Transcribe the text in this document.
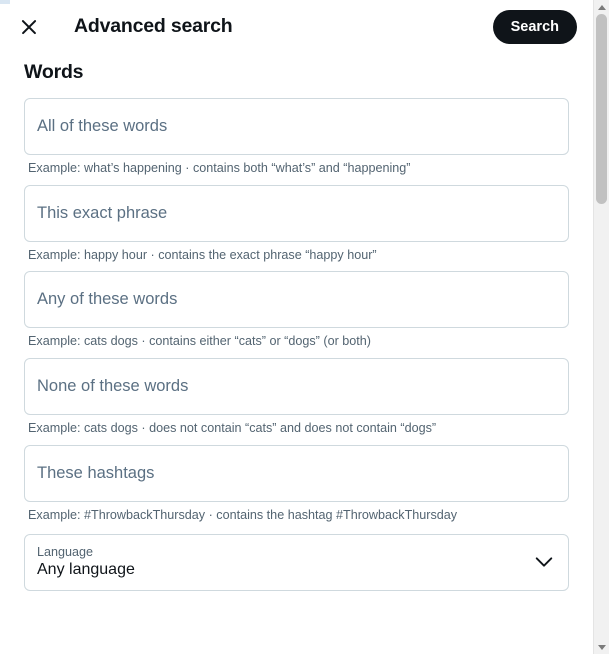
Advanced search	Search
Words
All of these words
Example: what’s happening · contains both “what’s” and “happening”
This exact phrase
Example: happy hour · contains the exact phrase “happy hour”
Any of these words
Example: cats dogs · contains either “cats” or “dogs” (or both)
None of these words
Example: cats dogs · does not contain “cats” and does not contain “dogs”
These hashtags
Example: #ThrowbackThursday · contains the hashtag #ThrowbackThursday
Language
Any language
